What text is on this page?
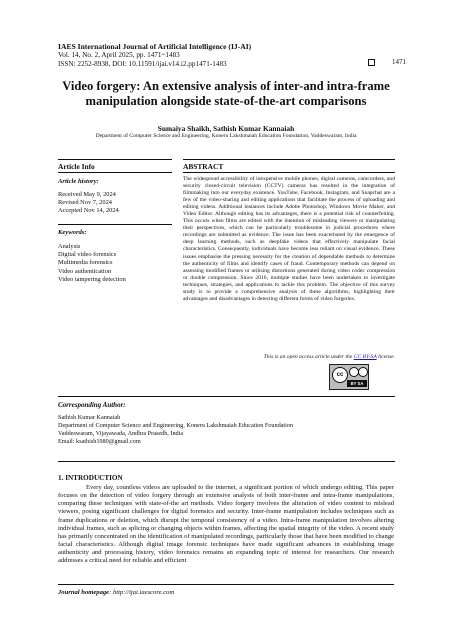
IAES International Journal of Artificial Intelligence (IJ-AI)
Vol. 14, No. 2, April 2025, pp. 1471~1483
ISSN: 2252-8938, DOI: 10.11591/ijai.v14.i2.pp1471-1483	1471
Video forgery: An extensive analysis of inter-and intra-frame
manipulation alongside state-of-the-art comparisons
Sumaiya Shaikh, Sathish Kumar Kannaiah
Department of Computer Science and Engineering, Koneru Lakshmaiah Education Foundation, Vaddeswaram, India
Article Info	ABSTRACT
Article history:
Received May 9, 2024
Revised Nov 7, 2024
Accepted Nov 14, 2024
Keywords:
Analysis
Digital video forensics
Multimedia forensics
Video authentication
Video tampering detection
The widespread accessibility of inexpensive mobile phones, digital cameras, camcorders, and security closed-circuit television (CCTV) cameras has resulted in the integration of filmmaking into our everyday existence. YouTube, Facebook, Instagram, and Snapchat are a few of the video-sharing and editing applications that facilitate the process of uploading and editing videos. Additional instances include Adobe Photoshop, Windows Movie Maker, and Video Editor. Although editing has its advantages, there is a potential risk of counterfeiting. This occurs when films are edited with the intention of misleading viewers or manipulating their perspectives, which can be particularly troublesome in judicial procedures where recordings are submitted as evidence. The issue has been exacerbated by the emergence of deep learning methods, such as deepfake videos that effectively manipulate facial characteristics. Consequently, individuals have become less reliant on visual evidence. These issues emphasise the pressing necessity for the creation of dependable methods to determine the authenticity of films and identify cases of fraud. Contemporary methods can depend on assessing modified frames or utilising distortions generated during video codec compression or double compression. Since 2016, multiple studies have been undertaken to investigate techniques, strategies, and applications to tackle this problem. The objective of this survey study is to provide a comprehensive analysis of these algorithms, highlighting their advantages and disadvantages in detecting different forms of video forgeries.
This is an open access article under the CC BY-SA license.
cc
BY SA
Corresponding Author:
Sathish Kumar Kannaiah
Department of Computer Science and Engineering, Koneru Lakshmaiah Education Foundation
Vaddeswaram, Vijayawada, Andhra Prasedh, India
Email: ksathish1980@gmail.com
1. INTRODUCTION
Every day, countless videos are uploaded to the internet, a significant portion of which undergo editing. This paper focuses on the detection of video forgery through an extensive analysis of both inter-frame and intra-frame manipulations, comparing these techniques with state-of-the art methods. Video forgery involves the alteration of video content to mislead viewers, posing significant challenges for digital forensics and security. Inter-frame manipulation includes techniques such as frame duplications or deletion, which disrupt the temporal consistency of a video. Intra-frame manipulation involves altering individual frames, such as splicing or changing objects within frames, affecting the spatial integrity of the video. A recent study has primarily concentrated on the identification of manipulated recordings, particularly those that have been modified to change facial characteristics. Although digital image forensic techniques have made significant advances in establishing image authenticity and processing history, video forensics remains an expanding topic of interest for researchers. Our research addresses a critical need for reliable and efficient
Journal homepage: http://ijai.iaescore.com
